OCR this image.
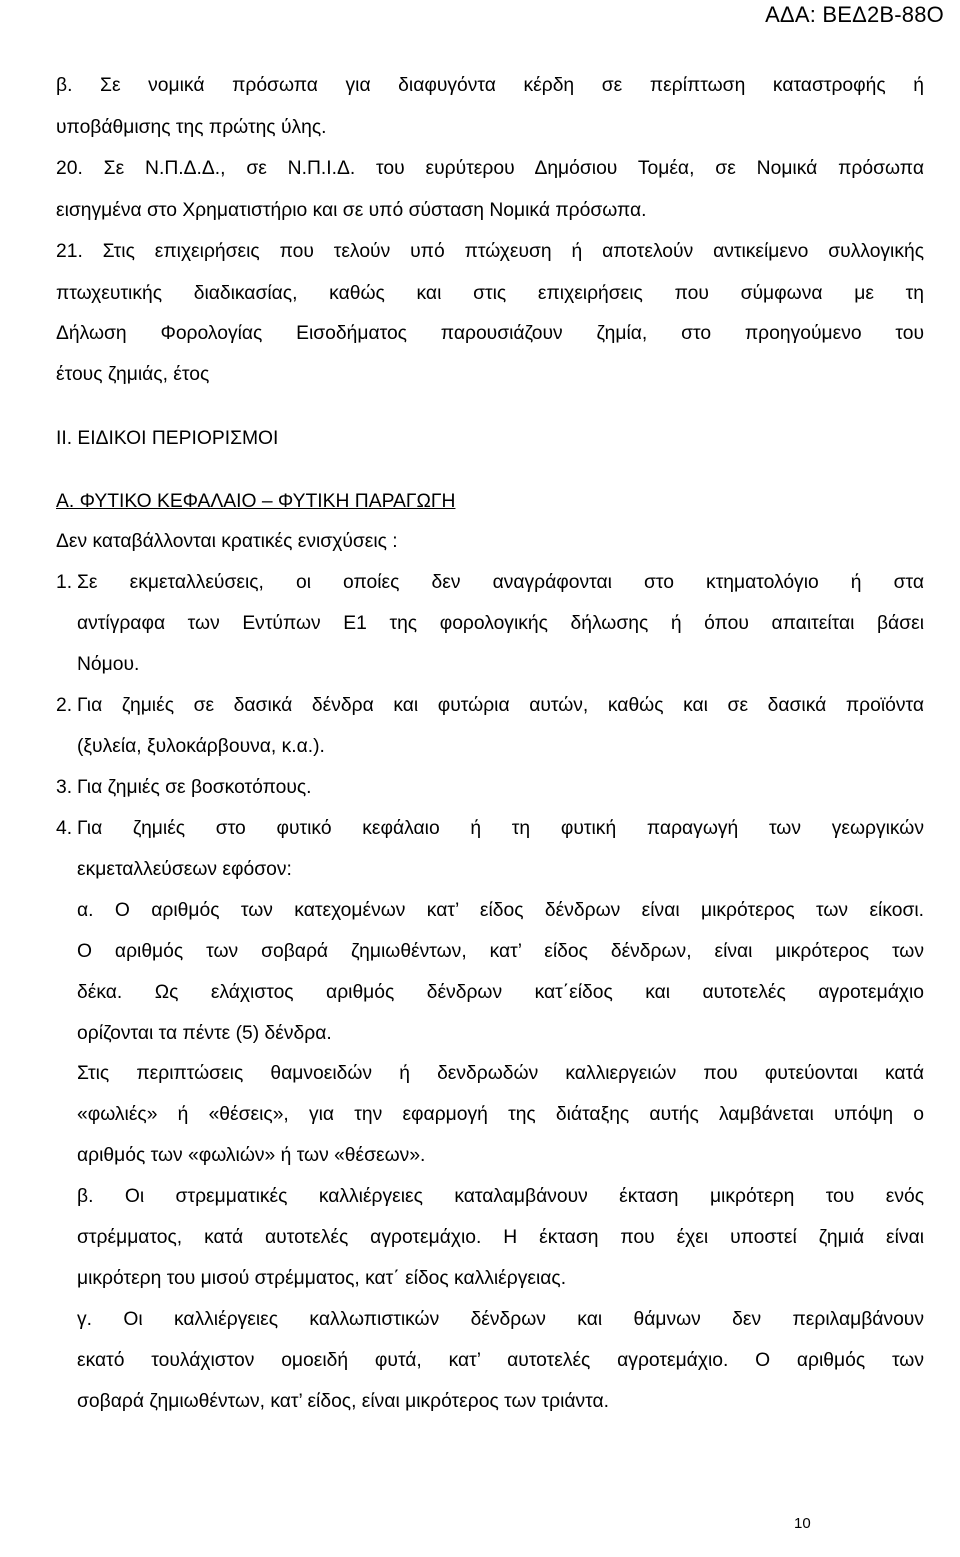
ΑΔΑ: ΒΕΔ2Β-88Ο
β. Σε νομικά πρόσωπα για διαφυγόντα κέρδη σε περίπτωση καταστροφής ή
υποβάθμισης της πρώτης ύλης.
20. Σε Ν.Π.Δ.Δ., σε Ν.Π.Ι.Δ. του ευρύτερου Δημόσιου Τομέα, σε Νομικά πρόσωπα
εισηγμένα στο Χρηματιστήριο και σε υπό σύσταση Νομικά πρόσωπα.
21. Στις επιχειρήσεις που τελούν υπό πτώχευση ή αποτελούν αντικείμενο συλλογικής
πτωχευτικής διαδικασίας, καθώς και στις επιχειρήσεις που σύμφωνα με τη
Δήλωση Φορολογίας Εισοδήματος παρουσιάζουν ζημία, στο προηγούμενο του
έτους ζημιάς, έτος
ΙΙ. ΕΙΔΙΚΟΙ ΠΕΡΙΟΡΙΣΜΟΙ
Α. ΦΥΤΙΚΟ ΚΕΦΑΛΑΙΟ – ΦΥΤΙΚΗ ΠΑΡΑΓΩΓΗ
Δεν καταβάλλονται κρατικές ενισχύσεις :
1. Σε εκμεταλλεύσεις, οι οποίες δεν αναγράφονται στο κτηματολόγιο ή στα
αντίγραφα των Εντύπων Ε1 της φορολογικής δήλωσης ή όπου απαιτείται βάσει
Νόμου.
2. Για ζημιές σε δασικά δένδρα και φυτώρια αυτών, καθώς και σε δασικά προϊόντα
(ξυλεία, ξυλοκάρβουνα, κ.α.).
3. Για ζημιές σε βοσκοτόπους.
4. Για ζημιές στο φυτικό κεφάλαιο ή τη φυτική παραγωγή των γεωργικών
εκμεταλλεύσεων εφόσον:
α. Ο αριθμός των κατεχομένων κατ’ είδος δένδρων είναι μικρότερος των είκοσι.
Ο αριθμός των σοβαρά ζημιωθέντων, κατ’ είδος δένδρων, είναι μικρότερος των
δέκα. Ως ελάχιστος αριθμός δένδρων κατ΄είδος και αυτοτελές αγροτεμάχιο
ορίζονται τα πέντε (5) δένδρα.
Στις περιπτώσεις θαμνοειδών ή δενδρωδών καλλιεργειών που φυτεύονται κατά
«φωλιές» ή «θέσεις», για την εφαρμογή της διάταξης αυτής λαμβάνεται υπόψη ο
αριθμός των «φωλιών» ή των «θέσεων».
β. Οι στρεμματικές καλλιέργειες καταλαμβάνουν έκταση μικρότερη του ενός
στρέμματος, κατά αυτοτελές αγροτεμάχιο. Η έκταση που έχει υποστεί ζημιά είναι
μικρότερη του μισού στρέμματος, κατ΄ είδος καλλιέργειας.
γ. Οι καλλιέργειες καλλωπιστικών δένδρων και θάμνων δεν περιλαμβάνουν
εκατό τουλάχιστον ομοειδή φυτά, κατ’ αυτοτελές αγροτεμάχιο. Ο αριθμός των
σοβαρά ζημιωθέντων, κατ’ είδος, είναι μικρότερος των τριάντα.
10
